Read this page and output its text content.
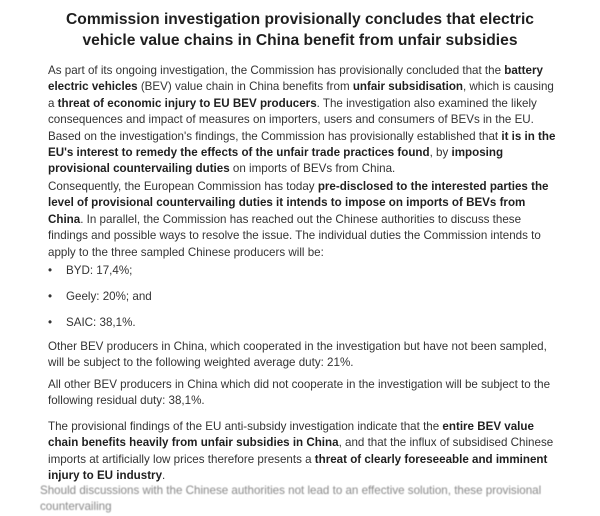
Commission investigation provisionally concludes that electric vehicle value chains in China benefit from unfair subsidies

As part of its ongoing investigation, the Commission has provisionally concluded that the battery electric vehicles (BEV) value chain in China benefits from unfair subsidisation, which is causing a threat of economic injury to EU BEV producers. The investigation also examined the likely consequences and impact of measures on importers, users and consumers of BEVs in the EU. Based on the investigation's findings, the Commission has provisionally established that it is in the EU's interest to remedy the effects of the unfair trade practices found, by imposing provisional countervailing duties on imports of BEVs from China.

Consequently, the European Commission has today pre-disclosed to the interested parties the level of provisional countervailing duties it intends to impose on imports of BEVs from China. In parallel, the Commission has reached out the Chinese authorities to discuss these findings and possible ways to resolve the issue. The individual duties the Commission intends to apply to the three sampled Chinese producers will be:

• BYD: 17,4%;

• Geely: 20%; and

• SAIC: 38,1%.

Other BEV producers in China, which cooperated in the investigation but have not been sampled, will be subject to the following weighted average duty: 21%.

All other BEV producers in China which did not cooperate in the investigation will be subject to the following residual duty: 38,1%.

The provisional findings of the EU anti-subsidy investigation indicate that the entire BEV value chain benefits heavily from unfair subsidies in China, and that the influx of subsidised Chinese imports at artificially low prices therefore presents a threat of clearly foreseeable and imminent injury to EU industry.

Should discussions with the Chinese authorities not lead to an effective solution, these provisional countervailing
